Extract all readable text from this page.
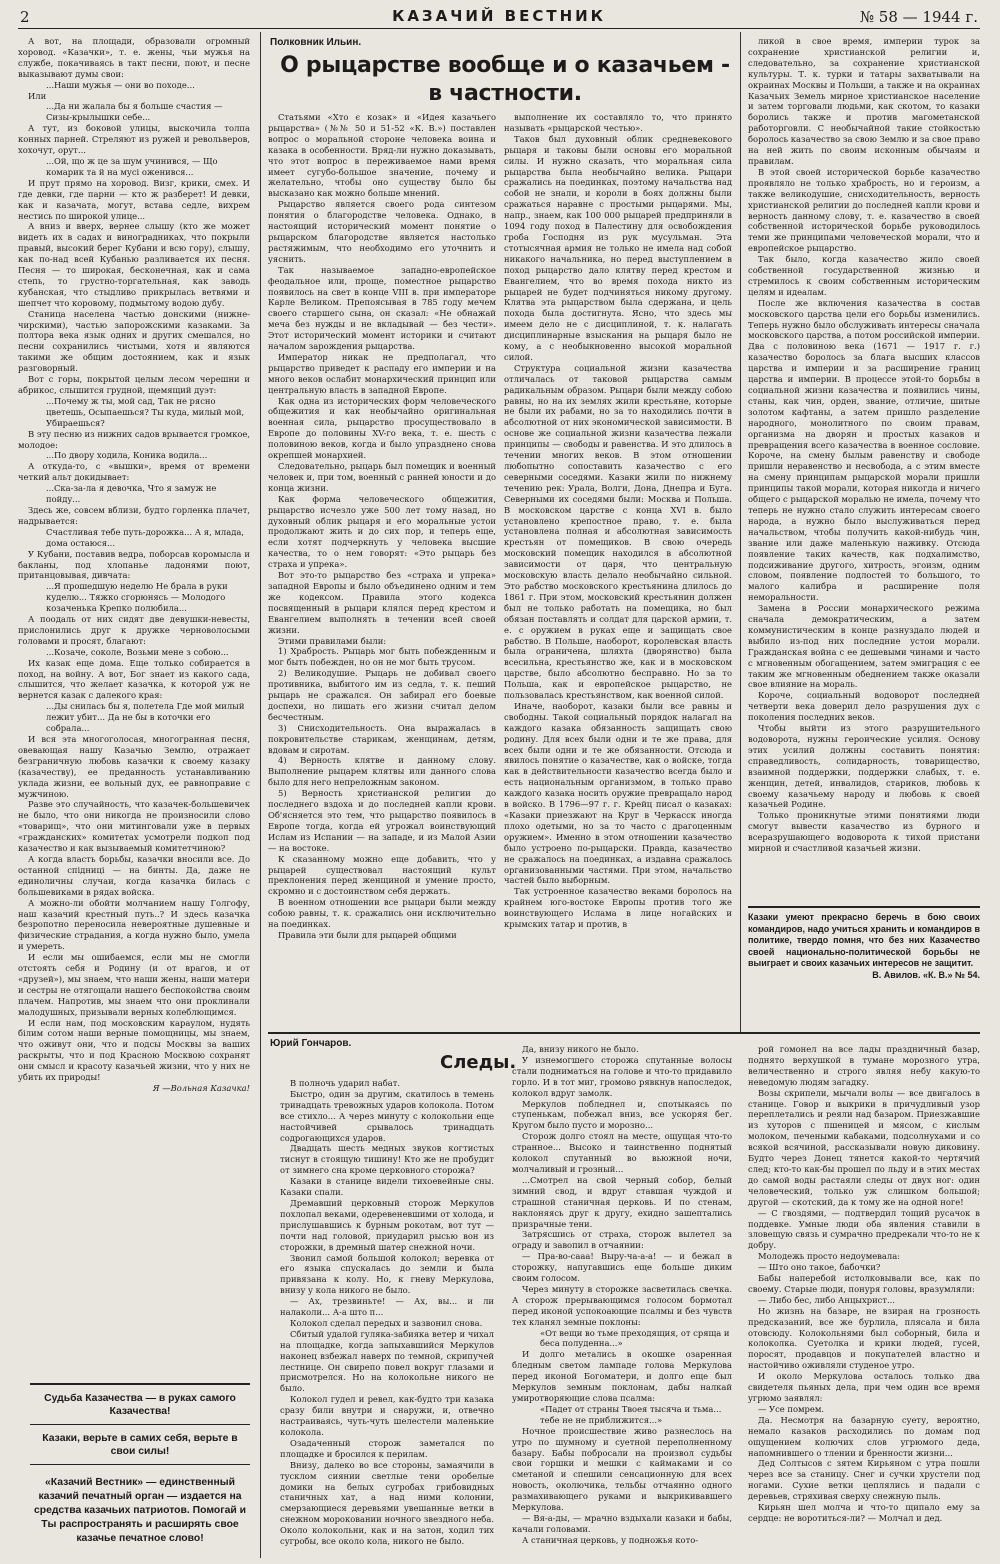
2	КАЗАЧИЙ ВЕСТНИК	№ 58 — 1944 г.

А вот, на площади, образовали огромный хоровод. «Казачки», т. е. жены, чьи мужья на службе, покачиваясь в такт песни, поют, и песне выказывают думы свои:

...Наши мужья — они во походе...

Или

...Да ни жалала бы я больше счастия — Сизы-крылышки себе...

А тут, из боковой улицы, выскочила толпа конных парней. Стреляют из ружей и револьверов, хохочут, орут...

...Ой, що ж це за шум учинився, — Що комарик та й на мусі оженився...

И прут прямо на хоровод. Визг, крики, смех. И где девки, где парни — кто ж разберет! И девки, как и казачата, могут, встава седле, вихрем нестись по широкой улице...

А вниз и вверх, вернее слышу (кто же может видеть их в садах и виноградниках, что покрыли правый, высокий берег Кубани и всю гору), слышу, как по-над всей Кубанью разливается их песня. Песня — то широкая, бесконечная, как и сама степь, то грустно-торгательная, как заводь кубанская, что стыдливо прикрылась ветвями и шепчет что коровому, подмытому водою дубу.

Станица населена частью донскими (нижне-чирскими), частью запорожскими казаками. За полтора века язык одних и других смешался, но песни сохранились чистыми, хотя и являются такими же общим достоянием, как и язык разговорный.

Вот с горы, покрытой целым лесом черешни и абрикос, слышится грудной, щемящий дуэт:

...Почему ж ты, мой сад, Так не рясно цветешь, Осыпаешься? Ты куда, милый мой, Убираешься?

В эту песню из нижних садов врывается громкое, молодое:

...По двору ходила, Коника водила...

А откуда-то, с «вышки», время от времени четкий альт докидывает:

...Ска-за-ла я девочка, Что я замуж не пойду...

Здесь же, совсем вблизи, будто горленка плачет, надрывается:

Счастливая тебе путь-дорожка... А я, млада, дома остаюся...

У Кубани, поставив ведра, поборсав коромысла и бакланы, под хлопанье ладонями поют, пританцовывая, дивчата:

...Я прошедшую неделю Не брала в руки куделю... Тяжко сгорюнясь — Молодого козаченька Крепко полюбила...

А поодаль от них сидят две девушки-невесты, прислонились друг к дружке черноволосыми головами и просят, благают:

...Козаче, соколе, Возьми мене з собою...

Их казак еще дома. Еще только собирается в поход, на войну. А вот, Бог знает из какого сада, слышится, что желает казачка, к которой уж не вернется казак с далекого края:

...Ды снилась бы я, полетела Где мой милый лежит убит... Да не бы в коточки его собрала...

И вся эта многоголосая, многогранная песня, овевающая нашу Казачью Землю, отражает безграничную любовь казачки к своему казаку (казачеству), ее преданность устанавливанию уклада жизни, ее вольный дух, ее равноправие с мужчиною.

Разве это случайность, что казачек-большевичек не было, что они никогда не произносили слово «товарищ», что они митинговали уже в первых «гражданских» комитетах усмотрели подкоп под казачество и как вызываемый комитетчиною?

А когда власть борьбы, казачки вносили все. До останной спідниці — на бинты. Да, даже не единоличны случаи, когда казачка билась с большевиками в рядах войска.

А можно-ли обойти молчанием нашу Голгофу, наш казачий крестный путь..? И здесь казачка безропотно переносила невероятные душевные и физические страдания, а когда нужно было, умела и умереть.

И если мы ошибаемся, если мы не смогли отстоять себя и Родину (и от врагов, и от «друзей»), мы знаем, что наши жены, наши матери и сестры не отягощали нашего беспокойства своим плачем. Напротив, мы знаем что они проклинали малодушных, призывали верных колеблющимся.

И если нам, под московским караулом, нудять бiлим сотом наши верные помощницы, мы знаем, что оживут они, что и подсы Москвы за ваших раскрыты, что и под Красною Москвою сохранят они смысл и красоту казачьей жизни, что у них не убить их природы!

Я —Вольная Казачка!

Судьба Казачества — в руках самого Казачества!
Казаки, верьте в самих себя, верьте в свои силы!
«Казачий Вестник» — единственный казачий печатный орган — издается на средства казачьих патриотов. Помогай и Ты распространять и расширять свое казачье печатное слово!
Полковник Ильин.
О рыцарстве вообще и о казачьем - в частности.

Статьями «Хто є козак» и «Идея казачьего рыцарства» (№№ 50 и 51-52 «К. В.») поставлен вопрос о моральной стороне человека воина и казака в особенности. Вряд-ли нужно доказывать, что этот вопрос в переживаемое нами время имеет сугубо-большое значение, почему и желательно, чтобы оно существу было бы высказано как можно больше мнений.

Рыцарство является своего рода синтезом понятия о благородстве человека. Однако, в настоящий исторический момент понятие о рыцарском благородстве является настолько растяжимым, что необходимо его уточнить и уяснить.

Так называемое западно-европейское феодальное или, проще, поместное рыцарство появилось на свет в конце VIII в. при императоре Карле Великом. Препоясывая в 785 году мечем своего старшего сына, он сказал: «Не обнажай меча без нужды и не вкладывай — без чести». Этот исторический момент историки и считают началом зарождения рыцарства.

Император никак не предполагал, что рыцарство приведет к распаду его империи и на много веков ослабит монархический принцип или центральную власть в западной Европе.

Как одна из исторических форм человеческого общежития и как необычайно оригинальная военная сила, рыцарство просуществовало в Европе до половины XV-го века, т. е. шесть с половиною веков, когда и было упразднено снова окрепшей монархией.

Следовательно, рыцарь был помещик и военный человек и, при том, военный с ранней юности и до конца жизни.

Как форма человеческого общежития, рыцарство исчезло уже 500 лет тому назад, но духовный облик рыцаря и его моральные устои продолжают жить и до сих пор, и теперь еще, если хотят подчеркнуть у человека высшие качества, то о нем говорят: «Это рыцарь без страха и упрека».

Вот это-то рыцарство без «страха и упрека» западной Европы и было объединено одним и тем же кодексом. Правила этого кодекса посвященный в рыцари клялся перед крестом и Евангелием выполнять в течении всей своей жизни.

Этими правилами были:

1) Храбрость. Рыцарь мог быть побежденным и мог быть побежден, но он не мог быть трусом.

2) Великодушие. Рыцарь не добивал своего противника, выбитого им из седла, т. к. пеший рыцарь не сражался. Он забирал его боевые доспехи, но лишать его жизни считал делом бесчестным.

3) Снисходительность. Она выражалась в покровительстве старикам, женщинам, детям, вдовам и сиротам.

4) Верность клятве и данному слову. Выполнение рыцарем клятвы или данного слова было для него непреложным законом.

5) Верность христианской религии до последнего вздоха и до последней капли крови. Об'ясняется это тем, что рыцарство появилось в Европе тогда, когда ей угрожал воинствующий Ислам из Испании — на западе, и из Малой Азии — на востоке.

К сказанному можно еще добавить, что у рыцарей существовал настоящий культ преклонения перед женщиной и умение просто, скромно и с достоинством себя держать.

В военном отношении все рыцари были между собою равны, т. к. сражались они исключительно на поединках.

Правила эти были для рыцарей общими

выполнение их составляло то, что принято называть «рыцарской честью».

Таков был духовный облик средневекового рыцаря и таковы были основы его моральной силы. И нужно сказать, что моральная сила рыцарства была необычайно велика. Рыцари сражались на поединках, поэтому начальства над собой не знали, и короли в боях должны были сражаться наравне с простыми рыцарями. Мы, напр., знаем, как 100 000 рыцарей предприняли в 1094 году поход в Палестину для освобождения гроба Господня из рук мусульман. Эта стотысячная армия не только не имела над собой никакого начальника, но перед выступлением в поход рыцарство дало клятву перед крестом и Евангелием, что во время похода никто из рыцарей не будет подчиняться никому другому. Клятва эта рыцарством была сдержана, и цель похода была достигнута. Ясно, что здесь мы имеем дело не с дисциплиной, т. к. налагать дисциплинарные взыскания на рыцаря было не кому, а с необыкновенно высокой моральной силой.

Структура социальной жизни казачества отличалась от таковой рыцарства самым радикальным образом. Рыцари были между собою равны, но на их землях жили крестьяне, которые не были их рабами, но за то находились почти в абсолютной от них экономической зависимости. В основе же социальной жизни казачества лежали принципы — свободы и равенства. И это длилось в течении многих веков. В этом отношении любопытно сопоставить казачество с его северными соседями. Казаки жили по нижнему течению рек: Урала, Волги, Дона, Днепра и Буга. Северными их соседями были: Москва и Польша. В московском царстве с конца XVI в. было установлено крепостное право, т. е. была установлена полная и абсолютная зависимость крестьян от помещиков. В свою очередь московский помещик находился в абсолютной зависимости от царя, что центральную московскую власть делало необычайно сильной. Это рабство московского крестьянина длилось до 1861 г. При этом, московский крестьянин должен был не только работать на помещика, но был обязан поставлять и солдат для царской армии, т. е. с оружием в руках еще и защищать свое рабство. В Польше, наоборот, королевская власть была ограничена, шляхта (дворянство) была всесильна, крестьянство же, как и в московском царстве, было абсолютно бесправно. Но за то Польша, как и европейское рыцарство, не пользовалась крестьянством, как военной силой.

Иначе, наоборот, казаки были все равны и свободны. Такой социальный порядок налагал на каждого казака обязанность защищать свою родину. Для всех были одни и те же права, для всех были одни и те же обязанности. Отсюда и явилось понятие о казачестве, как о войске, тогда как в действительности казачество всегда было и есть национальным организмом, в только право каждого казака носить оружие превращало народ в войско. В 1796—97 г. г. Крейц писал о казаках: «Казаки приезжают на Круг в Черкасск иногда плохо одетыми, но за то часто с драгоценным оружием». Именно в этом отношении казачество было устроено по-рыцарски. Правда, казачество не сражалось на поединках, а издавна сражалось организованными частями. При этом, начальство частей было выборным.

Так устроенное казачество веками боролось на крайнем юго-востоке Европы против того же воинствующего Ислама в лице ногайских и крымских татар и против, в

ликой в свое время, империи турок за сохранение христианской религии и, следовательно, за сохранение христианской культуры. Т. к. турки и татары захватывали на окраинах Москвы и Польши, а также и на окраинах Казачьих Земель мирное христианское население и затем торговали людьми, как скотом, то казаки боролись также и против магометанской работорговли. С необычайной такие стойкостью боролось казачество за свою Землю и за свое право на ней жить по своим исконным обычаям и правилам.

В этой своей исторической борьбе казачество проявляло не только храбрость, но и героизм, а также великодушие, снисходительность, верность христианской религии до последней капли крови и верность данному слову, т. е. казачество в своей собственной исторической борьбе руководилось теми же принципами человеческой морали, что и европейское рыцарство.

Так было, когда казачество жило своей собственной государственной жизнью и стремилось к своим собственным историческим целям и идеалам.

После же включения казачества в состав московского царства цели его борьбы изменились. Теперь нужно было обслуживать интересы сначала московского царства, а потом российской империи. Два с половиною века (1671 — 1917 г. г.) казачество боролось за блага высших классов царства и империи и за расширение границ царства и империи. В процессе этой-то борьбы в социальной жизни казачества и появились чины, станы, как чин, орден, звание, отличие, шитые золотом кафтаны, а затем пришло разделение народного, монолитного по своим правам, организма на дворян и простых казаков и превращения всего казачества в военное сословие. Короче, на смену былым равенству и свободе пришли неравенство и несвобода, а с этим вместе на смену принципам рыцарской морали пришли принципы такой морали, которая никогда и ничего общего с рыцарской моралью не имела, почему что теперь не нужно стало служить интересам своего народа, а нужно было выслуживаться перед начальством, чтобы получить какой-нибудь чин, звание или даже маленькую наживку. Отсюда появление таких качеств, как подхалимство, подсиживание другого, хитрость, эгоизм, одним словом, появление подлостей то большого, то малого калибра и расширение поля неморальности.

Замена в России монархического режима сначала демократическим, а затем коммунистическим в конце разнуздало людей и выбило из-под них последние устои морали. Гражданская война с ее дешевыми чинами и часто с мгновенным обогащением, затем эмиграция с ее таким же мгновенным обеднением также оказали свое влияние на мораль.

Короче, социальный водоворот последней четверти века доверил дело разрушения дух с поколения последних веков.

Чтобы выйти из этого разрушительного водоворота, нужны героические усилия. Основу этих усилий должны составить понятия: справедливость, солидарность, товарищество, взаимной поддержки, поддержки слабых, т. е. женщин, детей, инвалидов, стариков, любовь к своему казачьему народу и любовь к своей казачьей Родине.

Только проникнутые этими понятиями люди смогут вывести казачество из бурного и всеразрушающего водоворота к тихой пристани мирной и счастливой казачьей жизни.

Казаки умеют прекрасно беречь в бою своих командиров, надо учиться хранить и командиров в политике, твердо помня, что без них Казачество своей национально-политической борьбы не выиграет и своих казачьих интересов не защитит.
В. Авилов. «К. В.» № 54.
Юрий Гончаров.
Следы.

В полночь ударил набат.

Быстро, один за другим, скатилось в темень тринадцать тревожных ударов колокола. Потом все стихло... А через минуту с колокольни еще настойчивей срывалось тринадцать содрогающихся ударов.

Двадцать шесть медных звуков когтистых тиснут в стоящую тишину! Кто же не пробудит от зимнего сна кроме церковного сторожа?

Казаки в станице видели тихоевейные сны. Казаки спали.

Дремавший церковный сторож Меркулов похлопал веками, одеревеневшими от холода, и прислушавшись к бурным рокотам, вот тут — почти над головой, приударил рысью вон из сторожки, в дремный шатер снежной ночи.

Звонил самой большой колокол; веревка от его языка спускалась до земли и была привязана к колу. Но, к гневу Меркулова, внизу у кола никого не было.

— Ах, трезвиньте! — Ах, вы... и ли налаколи... А-а што п...

Колокол сделал передых и зазвонил снова.

Сбитый удалой гуляка-забияка ветер и чихал на площадке, когда запыхавшийся Меркулов наконец взбежал наверх по темной, скрипучей лестнице. Он свирепо повел вокруг глазами и присмотрелся. Но на колокольне никого не было.

Колокол гудел и ревел, как-будто три казака сразу били внутри и снаружи, и, отвечно настраиваясь, чуть-чуть шелестели маленькие колокола.

Озадаченный сторож заметался по площадке и бросился к перилам.

Внизу, далеко во все стороны, замаячили в тусклом сиянии светлые тени оробелые домики на белых сугробах грибовидных станичных хат, а над ними колонии, смерзающиеся деревьями увешанные ветки в снежном мороковании ночного звездного неба. Около колокольни, как и на затон, ходил тих сугробы, все около кола, никого не было.

Да, внизу никого не было.

У изнемогшего сторожа спутанные волосы стали подниматься на голове и что-то придавило горло. И в тот миг, громово рявкнув напоследок, колокол вдруг замолк.

Меркулов побледнел и, спотыкаясь по ступенькам, побежал вниз, все ускоряя бег. Кругом было пусто и морозно...

Сторож долго стоял на месте, ощущая что-то странное... Высоко и таинственно поднятый колокол спутанный во вьюжной ночи, молчаливый и грозный...

...Смотрел на свой черный собор, белый зимний свод, и вдруг ставшая чуждой и страшной станичная церковь. И по стенам, наклоняясь друг к другу, ехидно зашептались призрачные тени.

Затрясшись от страха, сторож вылетел за ограду и завопил в отчаянии:

— Пра-во-сааа! Выру-ча-а-а! — и бежал в сторожку, напугавшись еще больше диким своим голосом.

Через минуту в сторожке засветилась свечка. А сторож прерывающимся голосом бормотал перед иконой успокоающие псалмы и без чувств тех кланял земные поклоны:

«От вещи во тьме преходящия, от сряща и беса полуденна...»

И долго метались в окошке озаренная бледным светом лампаде голова Меркулова перед иконой Богоматери, и долго еще был Меркулов земным поклонам, дабы налкай умиротворяющие слова псалма:

«Падет от страны Твоея тысяча и тьма... тебе не не приближится...»

Ночное происшествие живо разнеслось на утро по шумному и суетной переполненному базару. Бабы побросали на произвол судьбы свои горшки и мешки с каймаками и со сметаной и спешили сенсационную для всех новость, околючика, тельбы отчаянно одного размахивающего руками и выкрикивавшего Меркулова.

— Вя-а-ды, — мрачно вздыхали казаки и бабы, качали головами.

А станичная церковь, у подножья кото-

рой гомонел на все лады праздничный базар, поднято верхушкой в тумане морозного утра, величественно и строго являя небу какую-то неведомую людям загадку.

Возы скрипели, мычали волы — все двигалось в станице. Говор и выкрики в причудливый узор переплетались и реяли над базаром. Приезжавшие из хуторов с пшеницей и мясом, с кислым молоком, печеными кабаками, подсолнухами и со всякой всячиной, рассказывали новую диковину. Будто через Донец тянется какой-то чертячий след; кто-то как-бы прошел по льду и в этих местах до самой воды растаяли следы от двух ног: один человеческий, только уж слишком большой; другой — скотский, да к тому же на одной ноге!

— С гвоздями, — подтвердил тощий русачок в поддевке. Умные люди оба явления ставили в зловещую связь и сумрачно предрекали что-то не к добру.

Молодежь просто недоумевала:

— Што оно такое, бабочки?

Бабы наперебой истолковывали все, как по своему. Старые люди, понуря головы, вразумляли:

— Либо бес, либо Анцыхрист...

Но жизнь на базаре, не взирая на грозность предсказаний, все же бурлила, плясала и била отовсюду. Колокольнями был соборный, била и колоколка. Суетолка и крики людей, гусей, поросят, продавцов и покупателей властно и настойчиво оживляли студеное утро.

И около Меркулова осталось только два свидетеля пьяных дела, при чем один все время угрюмо заявлял:

— Усе помрем.

Да. Несмотря на базарную суету, вероятно, немало казаков расходились по домам под ощущением колючих слов угрюмого деда, напомнившего о тлении и бренности жизни...

Дед Солтысов с зятем Кирьяном с утра пошли через все за станицу. Снег и сучки хрустели под ногами. Сухие ветки цеплялись и падали с деревьев, стряхивая сверху снежную пыль.

Кирьян шел молча и что-то щипало ему за сердце: не воротиться-ли? — Молчал и дед.
